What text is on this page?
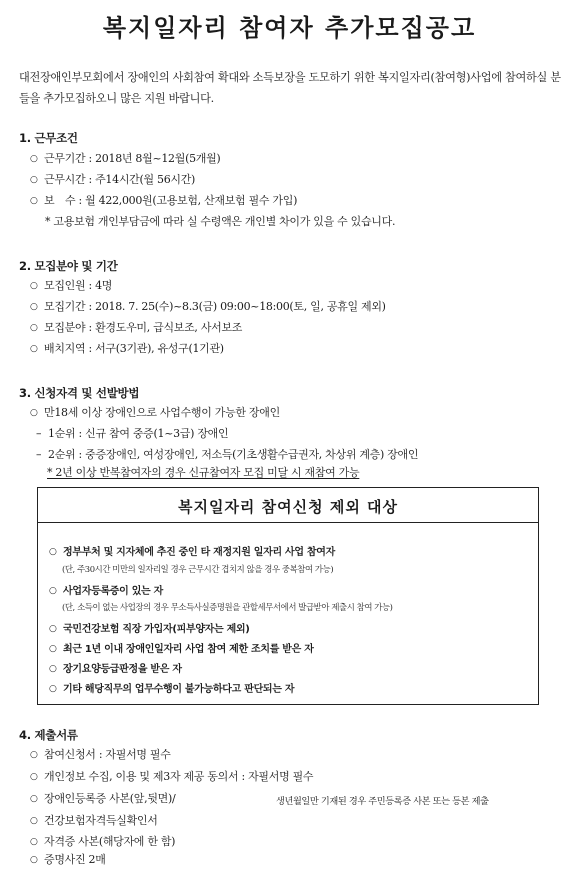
복지일자리 참여자 추가모집공고
대전장애인부모회에서 장애인의 사회참여 확대와 소득보장을 도모하기 위한 복지일자리(참여형)사업에 참여하실 분들을 추가모집하오니 많은 지원 바랍니다.
1. 근무조건
○ 근무기간 : 2018년 8월~12월(5개월)
○ 근무시간 : 주14시간(월 56시간)
○ 보　수 : 월 422,000원(고용보험, 산재보험 필수 가입)
* 고용보험 개인부담금에 따라 실 수령액은 개인별 차이가 있을 수 있습니다.
2. 모집분야 및 기간
○ 모집인원 : 4명
○ 모집기간 : 2018. 7. 25(수)~8.3(금) 09:00~18:00(토, 일, 공휴일 제외)
○ 모집분야 : 환경도우미, 급식보조, 사서보조
○ 배치지역 : 서구(3기관), 유성구(1기관)
3. 신청자격 및 선발방법
○ 만18세 이상 장애인으로 사업수행이 가능한 장애인
– 1순위 : 신규 참여 중증(1~3급) 장애인
– 2순위 : 중증장애인, 여성장애인, 저소득(기초생활수급권자, 차상위 계층) 장애인
* 2년 이상 반복참여자의 경우 신규참여자 모집 미달 시 재참여 가능
복지일자리 참여신청 제외 대상
○ 정부부처 및 지자체에 추진 중인 타 재정지원 일자리 사업 참여자
(단, 주30시간 미만의 일자리일 경우 근무시간 겹치지 않을 경우 중복참여 가능)
○ 사업자등록증이 있는 자
(단, 소득이 없는 사업장의 경우 무소득사실증명원을 관할세무서에서 발급받아 제출시 참여 가능)
○ 국민건강보험 직장 가입자(피부양자는 제외)
○ 최근 1년 이내 장애인일자리 사업 참여 제한 조치를 받은 자
○ 장기요양등급판정을 받은 자
○ 기타 해당직무의 업무수행이 불가능하다고 판단되는 자
4. 제출서류
○ 참여신청서 : 자필서명 필수
○ 개인정보 수집, 이용 및 제3자 제공 동의서 : 자필서명 필수
○ 장애인등록증 사본(앞,뒷면)/	생년월일만 기재된 경우 주민등록증 사본 또는 등본 제출
○ 건강보험자격득실확인서
○ 자격증 사본(해당자에 한 함)
○ 증명사진 2매
